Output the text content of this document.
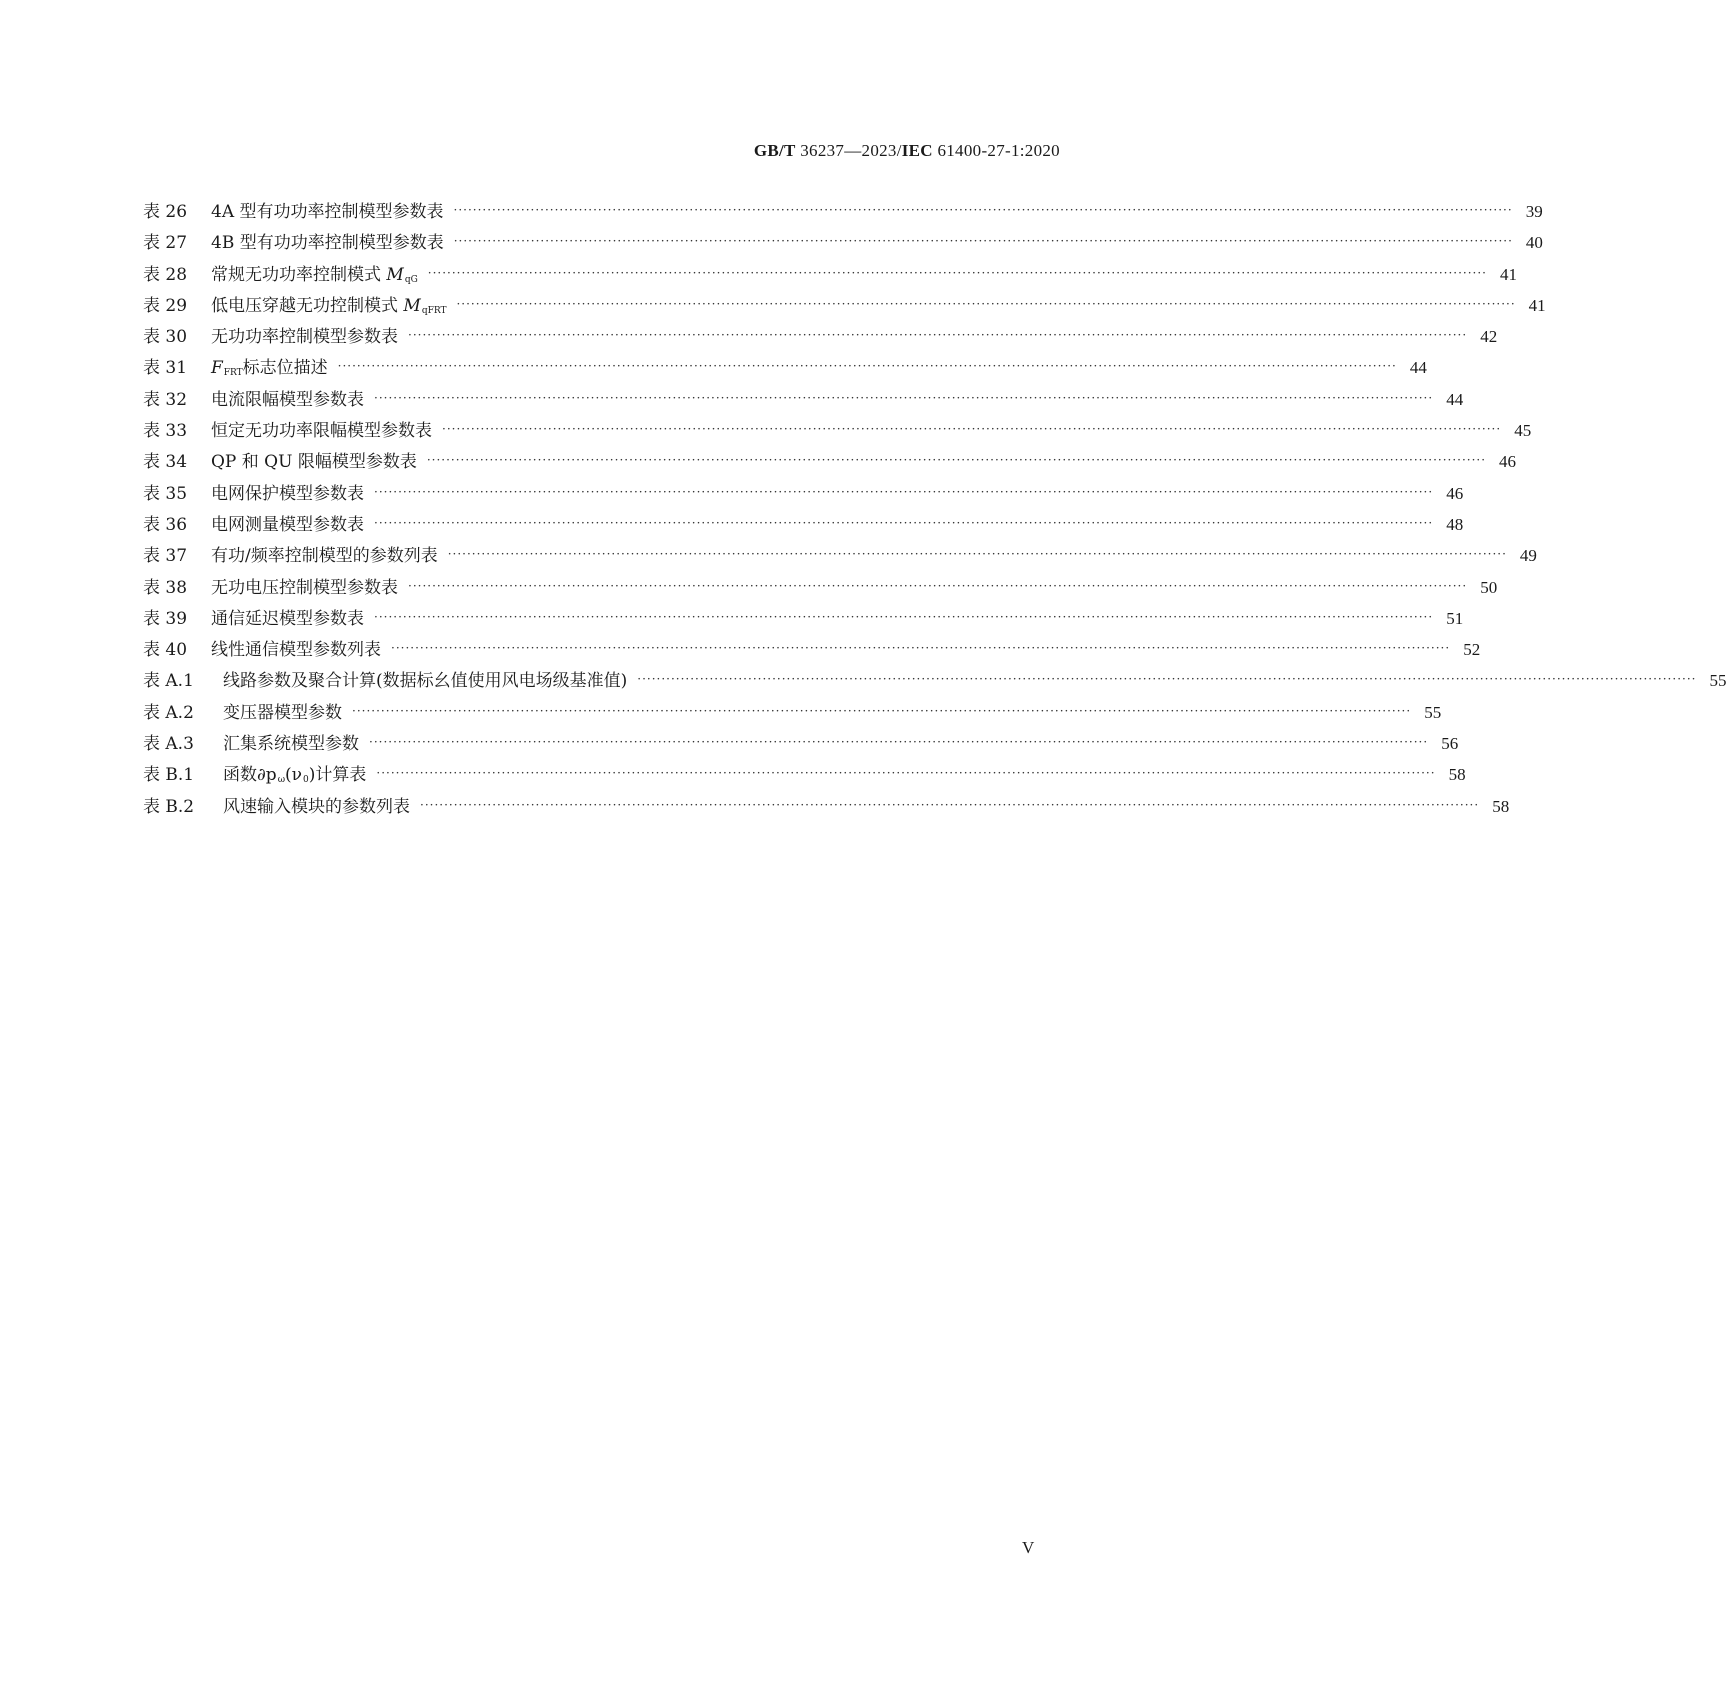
GB/T 36237—2023/IEC 61400-27-1:2020
表 26	4A 型有功功率控制模型参数表 ···························································································································································································································· 39
表 27	4B 型有功功率控制模型参数表 ···························································································································································································································· 40
表 28	常规无功功率控制模式 $M_{qG}$ ···························································································································································································································· 41
表 29	低电压穿越无功控制模式 $M_{qFRT}$ ···························································································································································································································· 41
表 30	无功功率控制模型参数表 ···························································································································································································································· 42
表 31	$F_{FRT}$标志位描述 ···························································································································································································································· 44
表 32	电流限幅模型参数表 ···························································································································································································································· 44
表 33	恒定无功功率限幅模型参数表 ···························································································································································································································· 45
表 34	QP 和 QU 限幅模型参数表 ···························································································································································································································· 46
表 35	电网保护模型参数表 ···························································································································································································································· 46
表 36	电网测量模型参数表 ···························································································································································································································· 48
表 37	有功/频率控制模型的参数列表 ···························································································································································································································· 49
表 38	无功电压控制模型参数表 ···························································································································································································································· 50
表 39	通信延迟模型参数表 ···························································································································································································································· 51
表 40	线性通信模型参数列表 ···························································································································································································································· 52
表 A.1	线路参数及聚合计算(数据标幺值使用风电场级基准值) ···························································································································································································································· 55
表 A.2	变压器模型参数 ···························································································································································································································· 55
表 A.3	汇集系统模型参数 ···························································································································································································································· 56
表 B.1	函数$\partial p_\omega(\nu_0)$计算表 ···························································································································································································································· 58
表 B.2	风速输入模块的参数列表 ···························································································································································································································· 58
V
